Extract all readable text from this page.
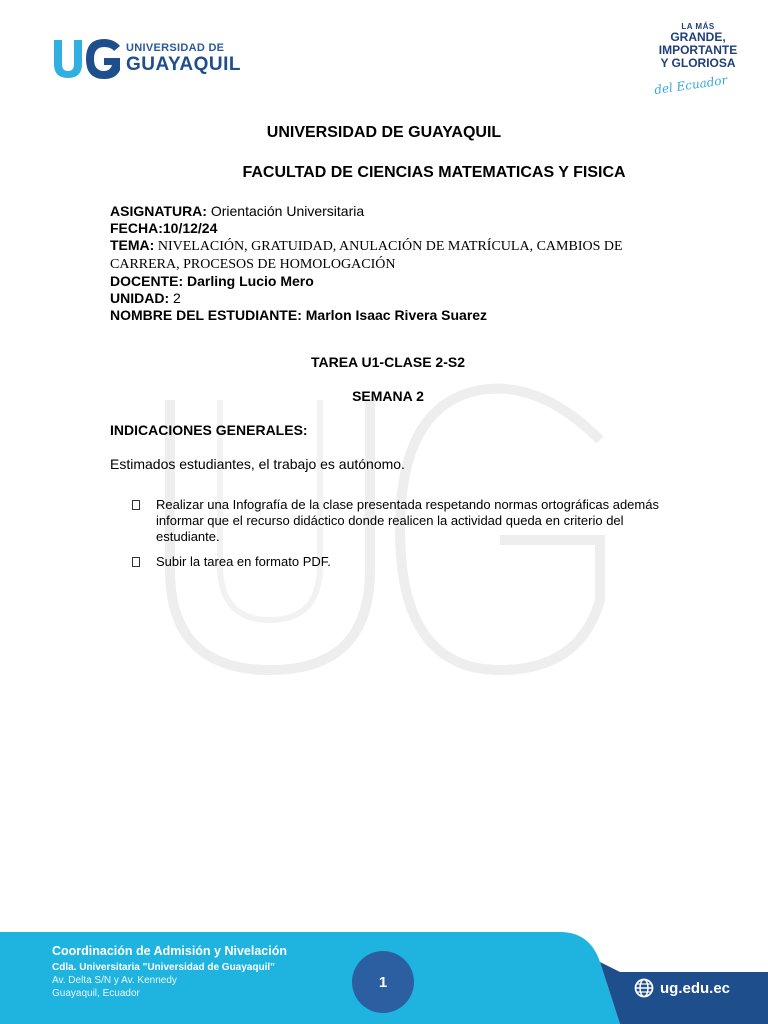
UNIVERSIDAD DE
GUAYAQUIL
LA MÁS
GRANDE,
IMPORTANTE
Y GLORIOSA
del Ecuador
UNIVERSIDAD DE GUAYAQUIL
FACULTAD DE CIENCIAS MATEMATICAS Y FISICA
ASIGNATURA: Orientación Universitaria
FECHA:10/12/24
TEMA: NIVELACIÓN, GRATUIDAD, ANULACIÓN DE MATRÍCULA, CAMBIOS DE CARRERA, PROCESOS DE HOMOLOGACIÓN
DOCENTE: Darling Lucio Mero
UNIDAD: 2
NOMBRE DEL ESTUDIANTE: Marlon Isaac Rivera Suarez
TAREA U1-CLASE 2-S2
SEMANA 2
INDICACIONES GENERALES:
Estimados estudiantes, el trabajo es autónomo.
Realizar una Infografía de la clase presentada respetando normas ortográficas además informar que el recurso didáctico donde realicen la actividad queda en criterio del estudiante.
Subir la tarea en formato PDF.
Coordinación de Admisión y Nivelación
Cdla. Universitaria "Universidad de Guayaquil"
Av. Delta S/N y Av. Kennedy
Guayaquil, Ecuador
1	ug.edu.ec
